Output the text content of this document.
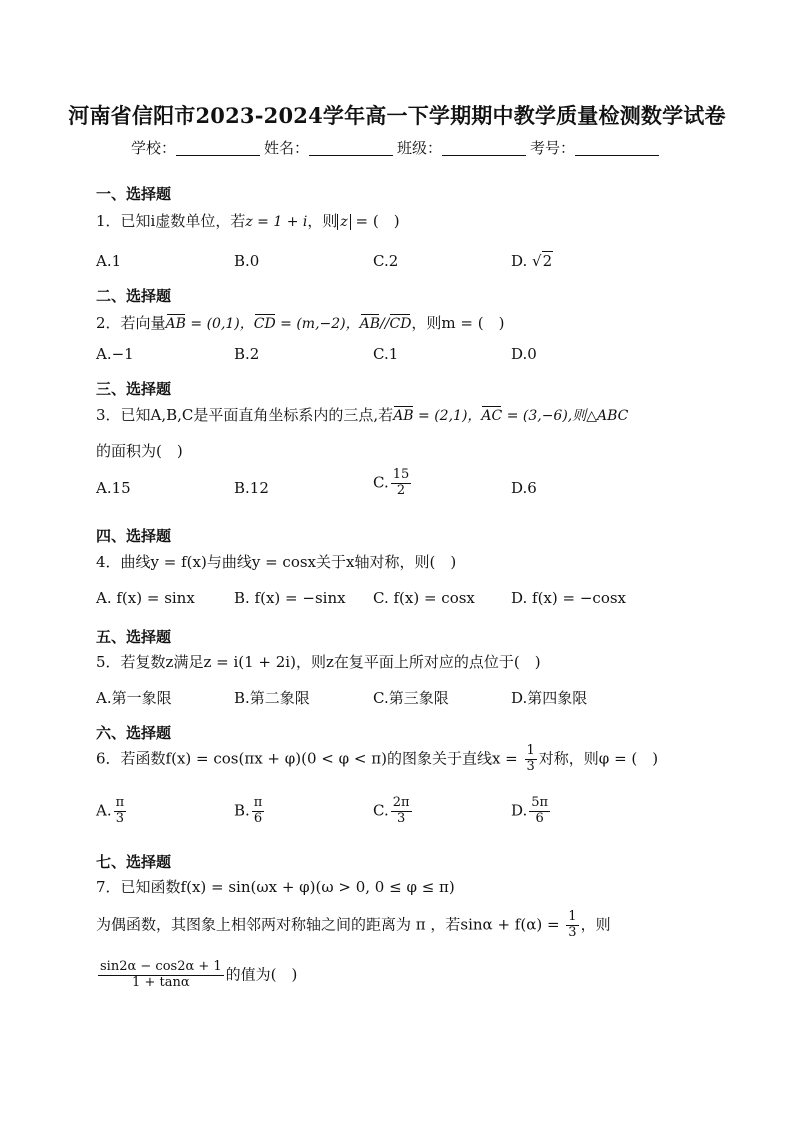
河南省信阳市2023-2024学年高一下学期期中教学质量检测数学试卷
学校：	姓名：	班级：	考号：
一、选择题
1．已知i虚数单位，若z = 1 + i，则 z = (　)
A.1	B.0	C.2	D. √2
二、选择题
2．若向量AB = (0,1)，CD = (m,−2)，AB//CD，则m = (　)
A.−1	B.2	C.1	D.0
三、选择题
3．已知A,B,C是平面直角坐标系内的三点,若AB = (2,1)，AC = (3,−6),则△ABC
的面积为(　)
A.15	B.12	C. $\frac{15}{2}$	D.6
四、选择题
4．曲线y = f(x)与曲线y = cosx关于x轴对称，则(　)
A. f(x) = sinx	B. f(x) = −sinx C. f(x) = cosx D. f(x) = −cosx
五、选择题
5．若复数z满足z = i(1 + 2i)，则z在复平面上所对应的点位于(　)
A.第一象限	B.第二象限	C.第三象限	D.第四象限
六、选择题
6．若函数f(x) = cos(πx + φ)(0 < φ < π)的图象关于直线$x = \frac{1}{3}$ 对称，则φ = (　)
A. $\frac{\pi}{3}$	B. $\frac{\pi}{6}$	C. $\frac{2\pi}{3}$	D. $\frac{5\pi}{6}$
七、选择题
7．已知函数f(x) = sin(ωx + φ)(ω > 0, 0 ≤ φ ≤ π)
为偶函数，其图象上相邻两对称轴之间的距离为 π ，若$\sin\alpha + f(\alpha) = \frac{1}{3}$ ，则
$\frac{\sin 2\alpha - \cos 2\alpha + 1}{1 + \tan\alpha}$ 的值为(　)
